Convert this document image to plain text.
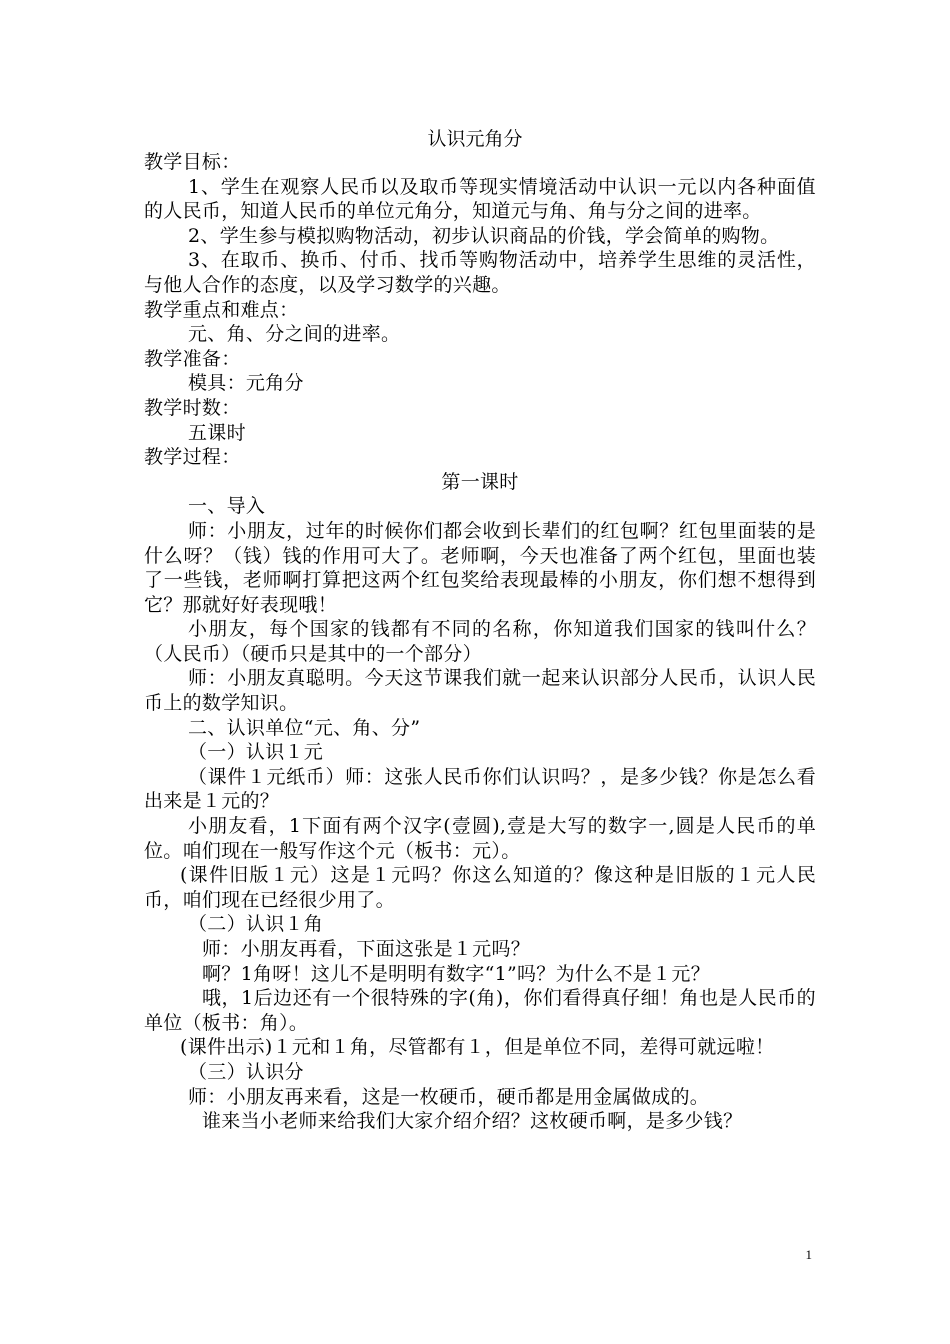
认识元角分

教学目标：

1、学生在观察人民币以及取币等现实情境活动中认识一元以内各种面值的人民币，知道人民币的单位元角分，知道元与角、角与分之间的进率。

2、学生参与模拟购物活动，初步认识商品的价钱，学会简单的购物。

3、在取币、换币、付币、找币等购物活动中，培养学生思维的灵活性，与他人合作的态度，以及学习数学的兴趣。

教学重点和难点：

元、角、分之间的进率。

教学准备：

模具：元角分

教学时数：

五课时

教学过程：

第一课时

一、导入

师：小朋友，过年的时候你们都会收到长辈们的红包啊？红包里面装的是什么呀？（钱）钱的作用可大了。老师啊，今天也准备了两个红包，里面也装了一些钱，老师啊打算把这两个红包奖给表现最棒的小朋友，你们想不想得到它？那就好好表现哦！

小朋友，每个国家的钱都有不同的名称，你知道我们国家的钱叫什么？（人民币）（硬币只是其中的一个部分）

师：小朋友真聪明。今天这节课我们就一起来认识部分人民币，认识人民币上的数学知识。

二、认识单位“元、角、分”

（一）认识１元

（课件１元纸币）师：这张人民币你们认识吗？，是多少钱？你是怎么看出来是１元的？

小朋友看，1下面有两个汉字(壹圆),壹是大写的数字一,圆是人民币的单位。咱们现在一般写作这个元（板书：元）。

(课件旧版１元）这是１元吗？你这么知道的？像这种是旧版的１元人民币，咱们现在已经很少用了。

（二）认识１角

师：小朋友再看，下面这张是１元吗？

啊？1角呀！这儿不是明明有数字“1”吗？为什么不是１元？

哦，1后边还有一个很特殊的字(角)，你们看得真仔细！角也是人民币的单位（板书：角）。

(课件出示)１元和１角，尽管都有１，但是单位不同，差得可就远啦！

（三）认识分

师：小朋友再来看，这是一枚硬币，硬币都是用金属做成的。

谁来当小老师来给我们大家介绍介绍？这枚硬币啊，是多少钱？

1
